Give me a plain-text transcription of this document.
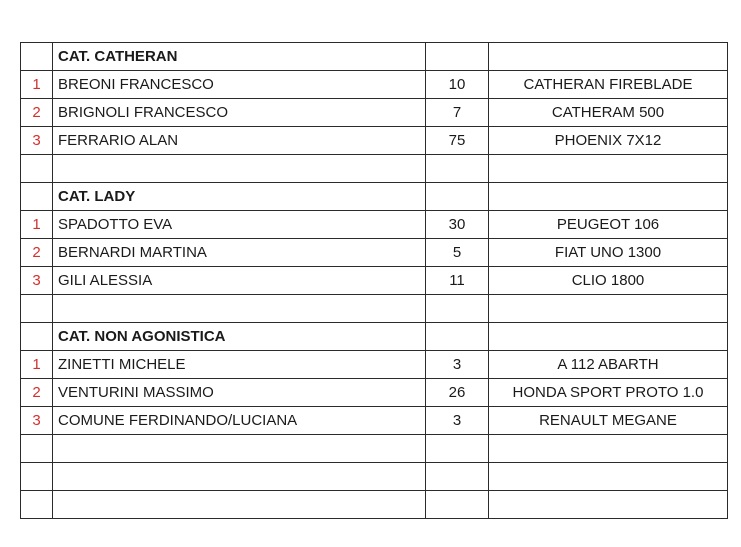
	CAT. CATHERAN		
1	BREONI FRANCESCO	10	CATHERAN FIREBLADE
2	BRIGNOLI FRANCESCO	7	CATHERAM 500
3	FERRARIO ALAN	75	PHOENIX 7X12

	CAT. LADY		
1	SPADOTTO EVA	30	PEUGEOT 106
2	BERNARDI MARTINA	5	FIAT UNO 1300
3	GILI ALESSIA	11	CLIO 1800

	CAT. NON AGONISTICA		
1	ZINETTI MICHELE	3	A 112 ABARTH
2	VENTURINI MASSIMO	26	HONDA SPORT PROTO 1.0
3	COMUNE FERDINANDO/LUCIANA	3	RENAULT MEGANE
